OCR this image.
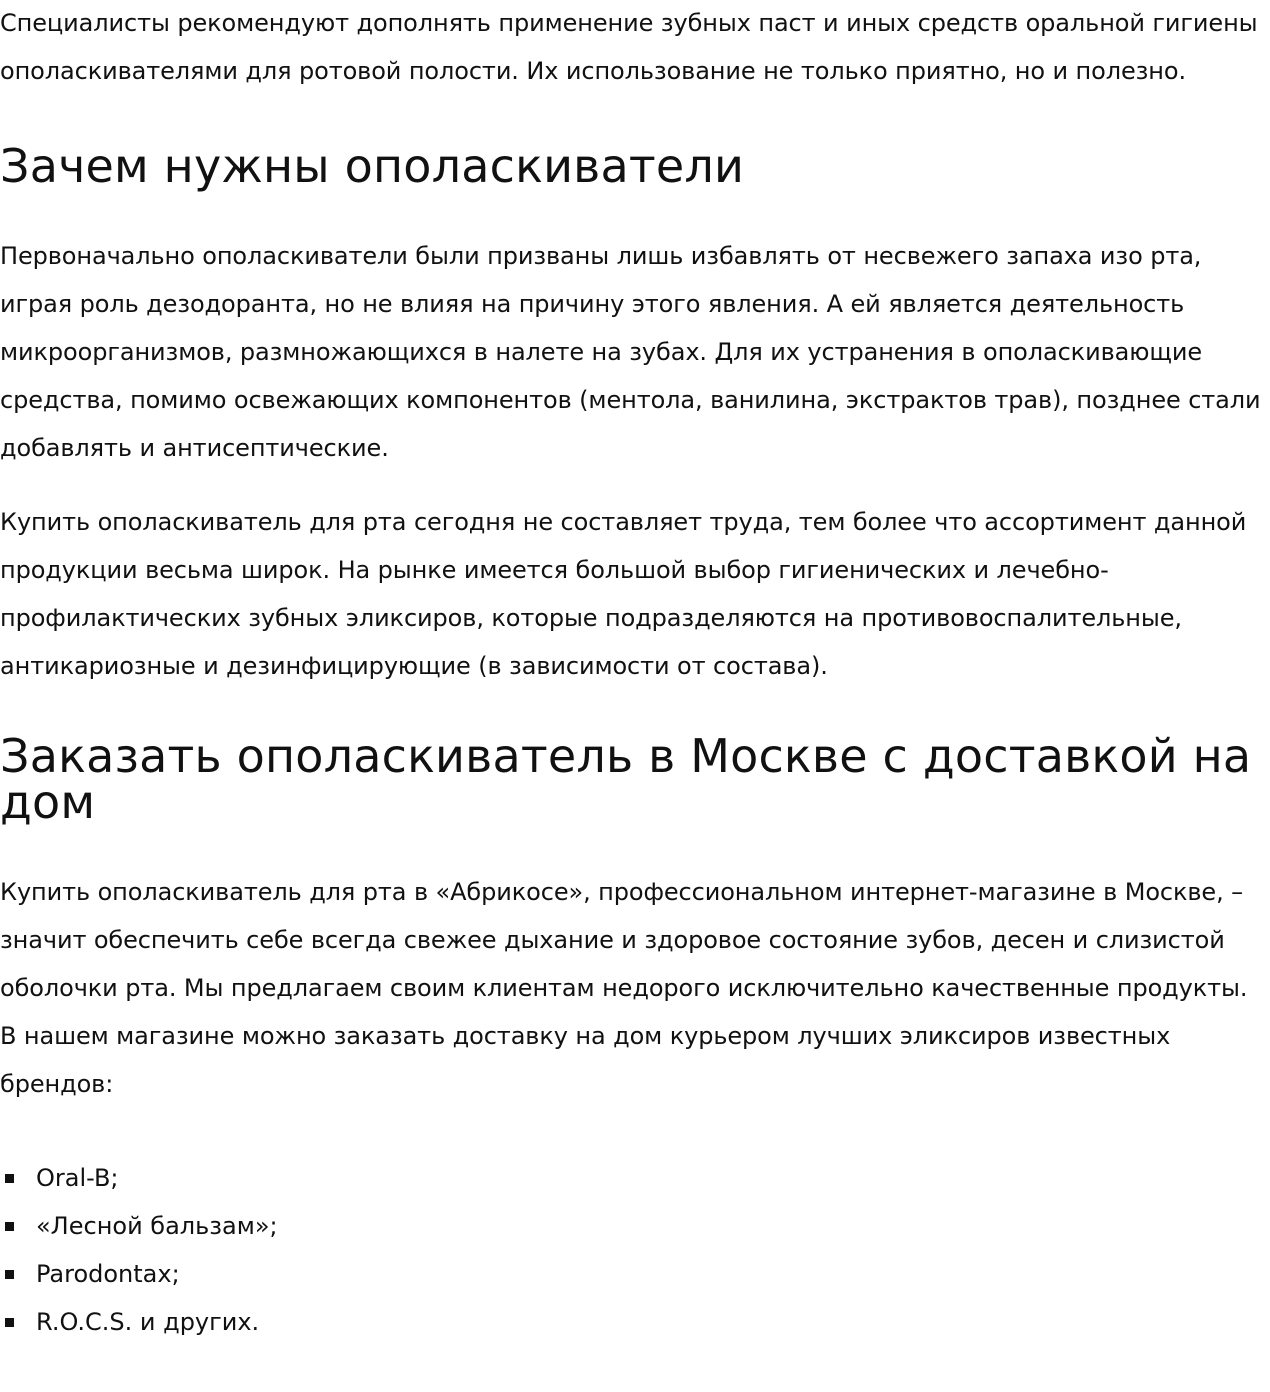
Специалисты рекомендуют дополнять применение зубных паст и иных средств оральной гигиены ополаскивателями для ротовой полости. Их использование не только приятно, но и полезно.

Зачем нужны ополаскиватели

Первоначально ополаскиватели были призваны лишь избавлять от несвежего запаха изо рта, играя роль дезодоранта, но не влияя на причину этого явления. А ей является деятельность микроорганизмов, размножающихся в налете на зубах. Для их устранения в ополаскивающие средства, помимо освежающих компонентов (ментола, ванилина, экстрактов трав), позднее стали добавлять и антисептические.

Купить ополаскиватель для рта сегодня не составляет труда, тем более что ассортимент данной продукции весьма широк. На рынке имеется большой выбор гигиенических и лечебно-профилактических зубных эликсиров, которые подразделяются на противовоспалительные, антикариозные и дезинфицирующие (в зависимости от состава).

Заказать ополаскиватель в Москве с доставкой на дом

Купить ополаскиватель для рта в «Абрикосе», профессиональном интернет-магазине в Москве, – значит обеспечить себе всегда свежее дыхание и здоровое состояние зубов, десен и слизистой оболочки рта. Мы предлагаем своим клиентам недорого исключительно качественные продукты. В нашем магазине можно заказать доставку на дом курьером лучших эликсиров известных брендов:

Oral-B;
«Лесной бальзам»;
Parodontax;
R.O.C.S. и других.
